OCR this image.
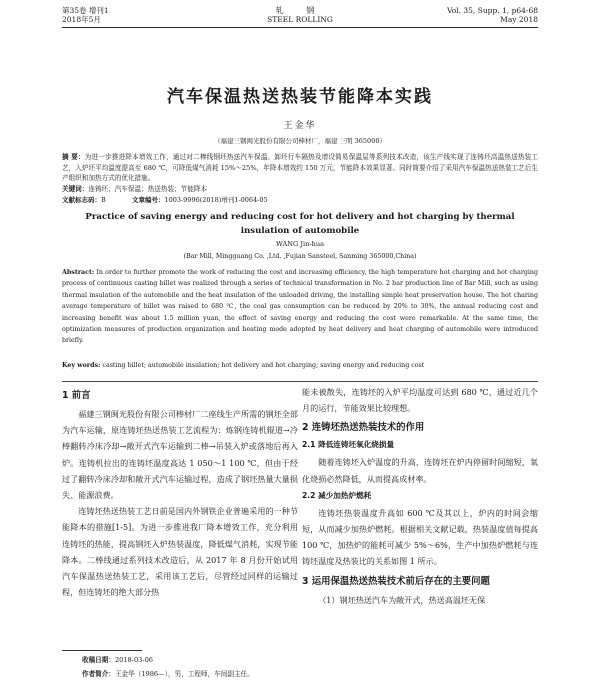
第35卷 增刊1
2018年5月
轧 钢
STEEL ROLLING
Vol. 35, Supp. 1, p64-68
May 2018
汽车保温热送热装节能降本实践
王金华
（福建三钢闽光股份有限公司棒材厂，福建 三明 365000）
摘 要：为进一步推进降本增效工作，通过对二棒线钢坯热送汽车保温、卸坯行车隔热及增设简易保温屋等系列技术改造，该生产线实现了连铸坯高温热送热装工艺，入炉坯平均温度提高至 680 ℃，可降低煤气消耗 15%～25%，年降本增效约 150 万元，节能降本效果显著。同时简要介绍了采用汽车保温热送热装工艺后生产组织和加热方式的优化措施。
关键词：连铸坯；汽车保温；热送热装；节能降本
文献标志码：B	文章编号：1003-9996(2018)增刊1-0064-05
Practice of saving energy and reducing cost for hot delivery and hot charging by thermal insulation of automobile
WANG Jin-hua
(Bar Mill, Mingguang Co. ,Ltd. ,Fujian Sansteel, Sanming 365000,China)
Abstract: In order to further promote the work of reducing the cost and increasing efficiency, the high temperature hot charging and hot charging process of continuous casting billet was realized through a series of technical transformation in No. 2 bar production line of Bar Mill, such as using thermal insulation of the automobile and the heat insulation of the unloaded driving, the installing simple heat preservation house. The hot charing average temperature of billet was raised to 680 ℃, the coal gas consumption can be reduced by 20% to 30%, the annual reducing cost and increasing benefit was about 1.5 million yuan, the effect of saving energy and reducing the cost were remarkable. At the same time, the optimization measures of production organization and heating mode adopted by heat delivery and heat charging of automobile were introduced briefly.
Key words: casting billet; automobile insulation; hot delivery and hot charging; saving energy and reducing cost
1 前言

福建三钢闽光股份有限公司棒材厂二座线生产所需的钢坯全部为汽车运输，原连铸坯热送热装工艺流程为：炼钢连铸机辊道→冷棒翻转冷床冷却→敞开式汽车运输到二棒→吊装入炉或落地后再入炉。连铸机拉出的连铸坯温度高达 1 050～1 100 ℃，但由于经过了翻转冷床冷却和敞开式汽车运输过程，造成了钢坯热量大量损失、能源浪费。

连铸坯热送热装工艺日前是国内外钢铁企业普遍采用的一种节能降本的措施[1-5]。为进一步推进我厂降本增效工作，充分利用连铸坯的热能，提高钢坯入炉热装温度，降低煤气消耗，实现节能降本。二棒线通过系列技术改造后，从 2017 年 8 月份开始试用汽车保温热送热装工艺，采用该工艺后，尽管经过同样的运输过程，但连铸坯的绝大部分热

能未被散失，连铸坯的入炉平均温度可达到 680 ℃，通过近几个月的运行，节能效果比较理想。

2 连铸坯热送热装技术的作用
2.1 降低连铸坯氧化烧损量

随着连铸坯入炉温度的升高，连铸坯在炉内停留时间缩短，氧化烧损必然降低，从而提高成材率。

2.2 减少加热炉燃耗

连铸坯热装温度升高如 600 ℃及其以上，炉内的时间会缩短，从而减少加热炉燃耗。根据相关文献记载，热装温度值每提高 100 ℃，加热炉的能耗可减少 5%～6%，生产中加热炉燃耗与连铸坯温度及热装比的关系如图 1 所示。

3 运用保温热送热装技术前后存在的主要问题

（1）钢坯热送汽车为敞开式，热送高温坯无保

收稿日期：2018-03-06
作者简介：王金华（1986—），男，工程师，车间副主任。
